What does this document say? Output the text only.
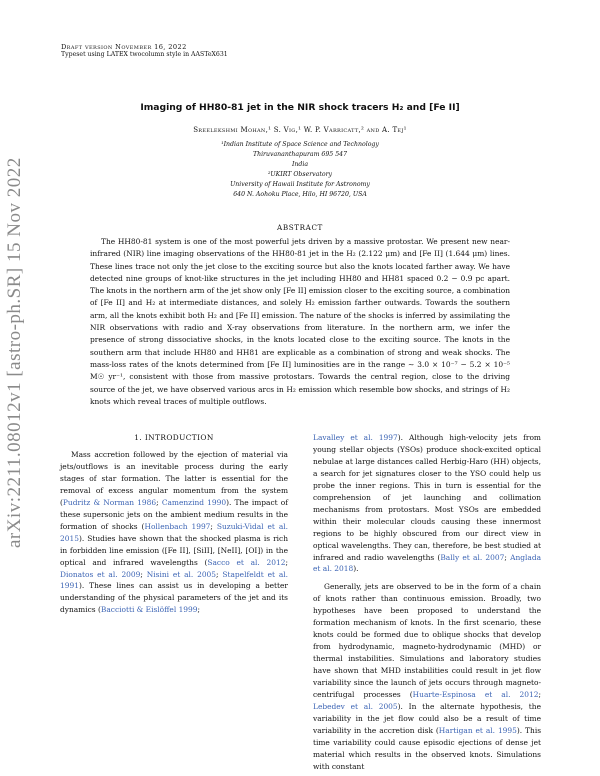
Draft version November 16, 2022
Typeset using LATEX twocolumn style in AASTeX631
arXiv:2211.08012v1 [astro-ph.SR] 15 Nov 2022
Imaging of HH80-81 jet in the NIR shock tracers H₂ and [Fe II]
Sreelekshmi Mohan,¹ S. Vig,¹ W. P. Varricatt,² and A. Tej¹
¹Indian Institute of Space Science and Technology
Thiruvananthapuram 695 547
India
²UKIRT Observatory
University of Hawaii Institute for Astronomy
640 N. Aohoku Place, Hilo, HI 96720, USA
ABSTRACT
The HH80-81 system is one of the most powerful jets driven by a massive protostar. We present new near-infrared (NIR) line imaging observations of the HH80-81 jet in the H₂ (2.122 μm) and [Fe II] (1.644 μm) lines. These lines trace not only the jet close to the exciting source but also the knots located farther away. We have detected nine groups of knot-like structures in the jet including HH80 and HH81 spaced 0.2 − 0.9 pc apart. The knots in the northern arm of the jet show only [Fe II] emission closer to the exciting source, a combination of [Fe II] and H₂ at intermediate distances, and solely H₂ emission farther outwards. Towards the southern arm, all the knots exhibit both H₂ and [Fe II] emission. The nature of the shocks is inferred by assimilating the NIR observations with radio and X-ray observations from literature. In the northern arm, we infer the presence of strong dissociative shocks, in the knots located close to the exciting source. The knots in the southern arm that include HH80 and HH81 are explicable as a combination of strong and weak shocks. The mass-loss rates of the knots determined from [Fe II] luminosities are in the range ∼ 3.0 × 10⁻⁷ − 5.2 × 10⁻⁵ M☉ yr⁻¹, consistent with those from massive protostars. Towards the central region, close to the driving source of the jet, we have observed various arcs in H₂ emission which resemble bow shocks, and strings of H₂ knots which reveal traces of multiple outflows.
1. INTRODUCTION

Mass accretion followed by the ejection of material via jets/outflows is an inevitable process during the early stages of star formation. The latter is essential for the removal of excess angular momentum from the system (Pudritz & Norman 1986; Camenzind 1990). The impact of these supersonic jets on the ambient medium results in the formation of shocks (Hollenbach 1997; Suzuki-Vidal et al. 2015). Studies have shown that the shocked plasma is rich in forbidden line emission ([Fe II], [SiII], [NeII], [OI]) in the optical and infrared wavelengths (Sacco et al. 2012; Dionatos et al. 2009; Nisini et al. 2005; Stapelfeldt et al. 1991). These lines can assist us in developing a better understanding of the physical parameters of the jet and its dynamics (Bacciotti & Eislöffel 1999;

Lavalley et al. 1997). Although high-velocity jets from young stellar objects (YSOs) produce shock-excited optical nebulae at large distances called Herbig-Haro (HH) objects, a search for jet signatures closer to the YSO could help us probe the inner regions. This in turn is essential for the comprehension of jet launching and collimation mechanisms from protostars. Most YSOs are embedded within their molecular clouds causing these innermost regions to be highly obscured from our direct view in optical wavelengths. They can, therefore, be best studied at infrared and radio wavelengths (Bally et al. 2007; Anglada et al. 2018).

Generally, jets are observed to be in the form of a chain of knots rather than continuous emission. Broadly, two hypotheses have been proposed to understand the formation mechanism of knots. In the first scenario, these knots could be formed due to oblique shocks that develop from hydrodynamic, magneto-hydrodynamic (MHD) or thermal instabilities. Simulations and laboratory studies have shown that MHD instabilities could result in jet flow variability since the launch of jets occurs through magneto-centrifugal processes (Huarte-Espinosa et al. 2012; Lebedev et al. 2005). In the alternate hypothesis, the variability in the jet flow could also be a result of time variability in the accretion disk (Hartigan et al. 1995). This time variability could cause episodic ejections of dense jet material which results in the observed knots. Simulations with constant
